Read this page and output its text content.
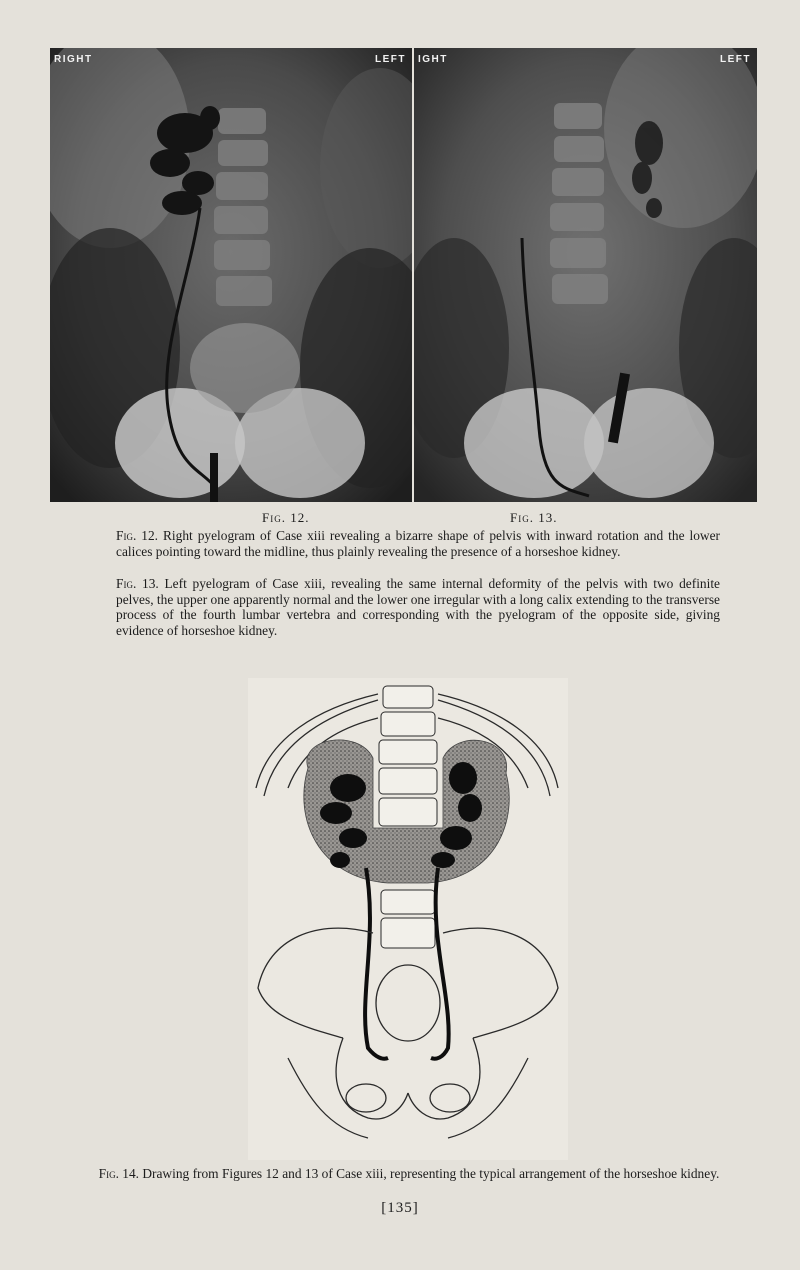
RIGHT	LEFT IGHT	LEFT
Fig. 12.	Fig. 13.

Fig. 12. Right pyelogram of Case xiii revealing a bizarre shape of pelvis with inward rotation and the lower calices pointing toward the midline, thus plainly revealing the presence of a horseshoe kidney.

Fig. 13. Left pyelogram of Case xiii, revealing the same internal deformity of the pelvis with two definite pelves, the upper one apparently normal and the lower one irregular with a long calix extending to the transverse process of the fourth lumbar vertebra and corresponding with the pyelogram of the opposite side, giving evidence of horseshoe kidney.

Fig. 14. Drawing from Figures 12 and 13 of Case xiii, representing the typical arrangement of the horseshoe kidney.

[135]
